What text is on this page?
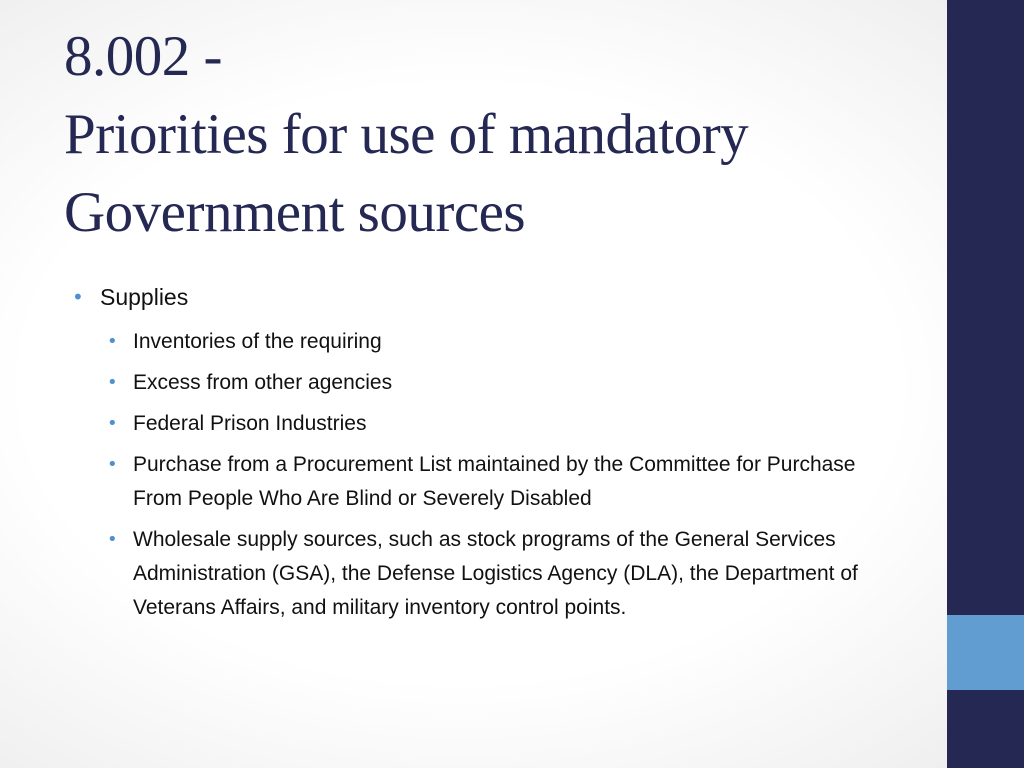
8.002 -
Priorities for use of mandatory
Government sources
• Supplies
• Inventories of the requiring
• Excess from other agencies
• Federal Prison Industries
• Purchase from a Procurement List maintained by the Committee for Purchase From People Who Are Blind or Severely Disabled
• Wholesale supply sources, such as stock programs of the General Services Administration (GSA), the Defense Logistics Agency (DLA), the Department of Veterans Affairs, and military inventory control points.
